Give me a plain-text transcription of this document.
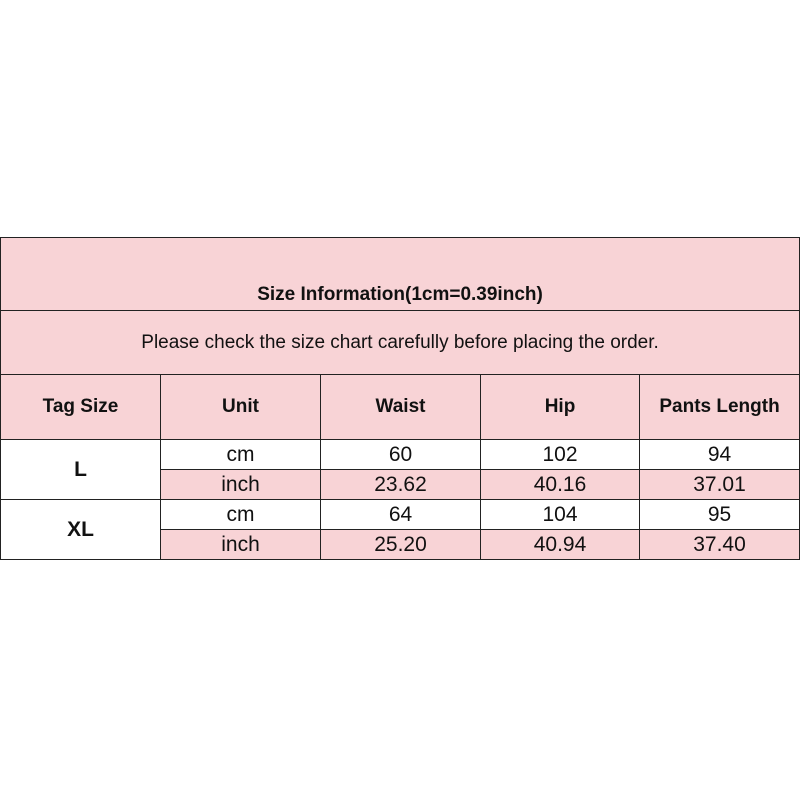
Size Information(1cm=0.39inch)				
Please check the size chart carefully before placing the order.				
Tag Size	Unit	Waist	Hip	Pants Length
L	cm	60	102	94
	inch	23.62	40.16	37.01
XL	cm	64	104	95
	inch	25.20	40.94	37.40
